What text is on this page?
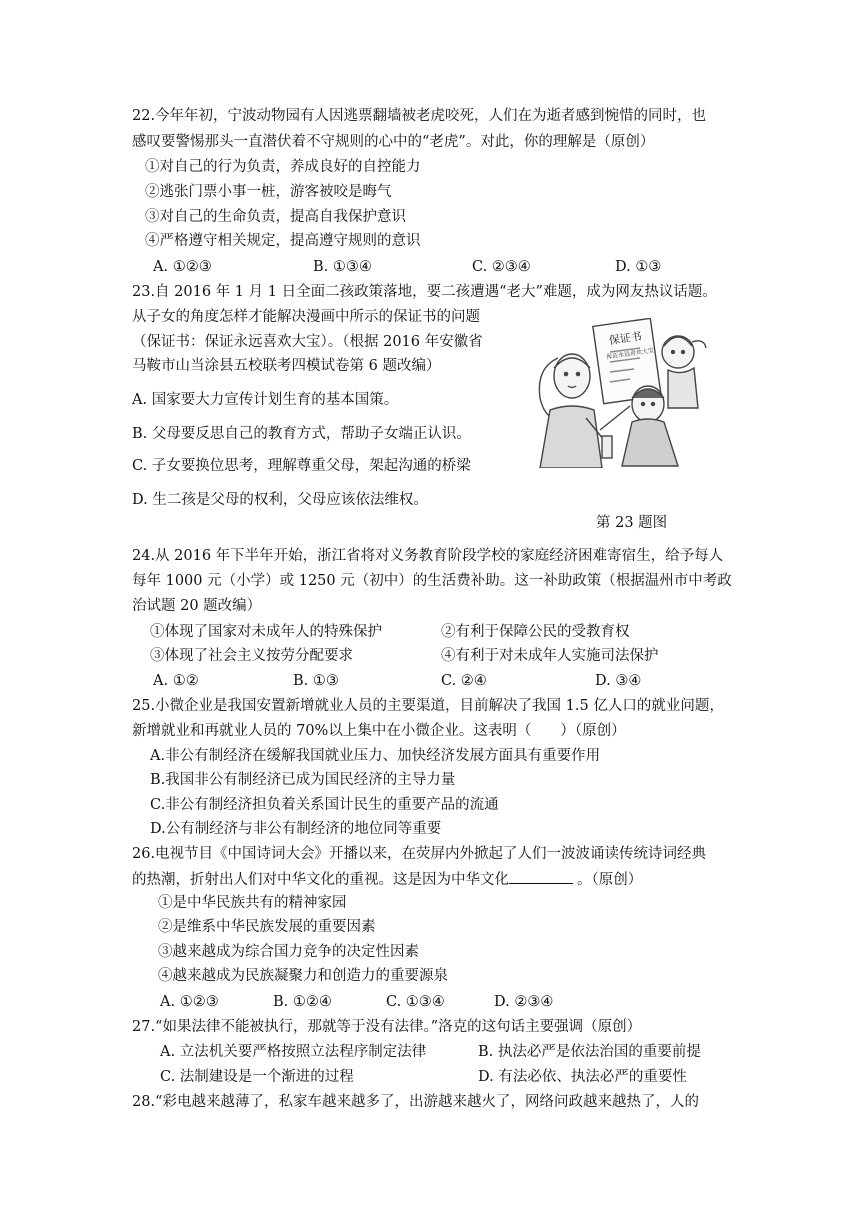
22.今年年初，宁波动物园有人因逃票翻墙被老虎咬死，人们在为逝者感到惋惜的同时，也
感叹要警惕那头一直潜伏着不守规则的心中的“老虎”。对此，你的理解是（原创）
①对自己的行为负责，养成良好的自控能力
②逃张门票小事一桩，游客被咬是晦气
③对自己的生命负责，提高自我保护意识
④严格遵守相关规定，提高遵守规则的意识
A. ①②③	B. ①③④	C. ②③④	D. ①③
23.自 2016 年 1 月 1 日全面二孩政策落地，要二孩遭遇“老大”难题，成为网友热议话题。
从子女的角度怎样才能解决漫画中所示的保证书的问题
（保证书：保证永远喜欢大宝）。（根据 2016 年安徽省
马鞍市山当涂县五校联考四模试卷第 6 题改编）
A. 国家要大力宣传计划生育的基本国策。
B. 父母要反思自己的教育方式，帮助子女端正认识。
C. 子女要换位思考，理解尊重父母，架起沟通的桥梁
D. 生二孩是父母的权利，父母应该依法维权。
保证书
保证永远喜欢大宝
第 23 题图
24.从 2016 年下半年开始，浙江省将对义务教育阶段学校的家庭经济困难寄宿生，给予每人
每年 1000 元（小学）或 1250 元（初中）的生活费补助。这一补助政策（根据温州市中考政
治试题 20 题改编）
①体现了国家对未成年人的特殊保护	②有利于保障公民的受教育权
③体现了社会主义按劳分配要求	④有利于对未成年人实施司法保护
A. ①②	B. ①③	C. ②④	D. ③④
25.小微企业是我国安置新增就业人员的主要渠道，目前解决了我国 1.5 亿人口的就业问题，
新增就业和再就业人员的 70%以上集中在小微企业。这表明（　　）（原创）
A.非公有制经济在缓解我国就业压力、加快经济发展方面具有重要作用
B.我国非公有制经济已成为国民经济的主导力量
C.非公有制经济担负着关系国计民生的重要产品的流通
D.公有制经济与非公有制经济的地位同等重要
26.电视节目《中国诗词大会》开播以来，在荧屏内外掀起了人们一波波诵读传统诗词经典
的热潮，折射出人们对中华文化的重视。这是因为中华文化	。（原创）
①是中华民族共有的精神家园
②是维系中华民族发展的重要因素
③越来越成为综合国力竞争的决定性因素
④越来越成为民族凝聚力和创造力的重要源泉
A. ①②③	B. ①②④	C. ①③④	D. ②③④
27.“如果法律不能被执行，那就等于没有法律。”洛克的这句话主要强调（原创）
A. 立法机关要严格按照立法程序制定法律	B. 执法必严是依法治国的重要前提
C. 法制建设是一个渐进的过程	D. 有法必依、执法必严的重要性
28.“彩电越来越薄了，私家车越来越多了，出游越来越火了，网络问政越来越热了，人的
